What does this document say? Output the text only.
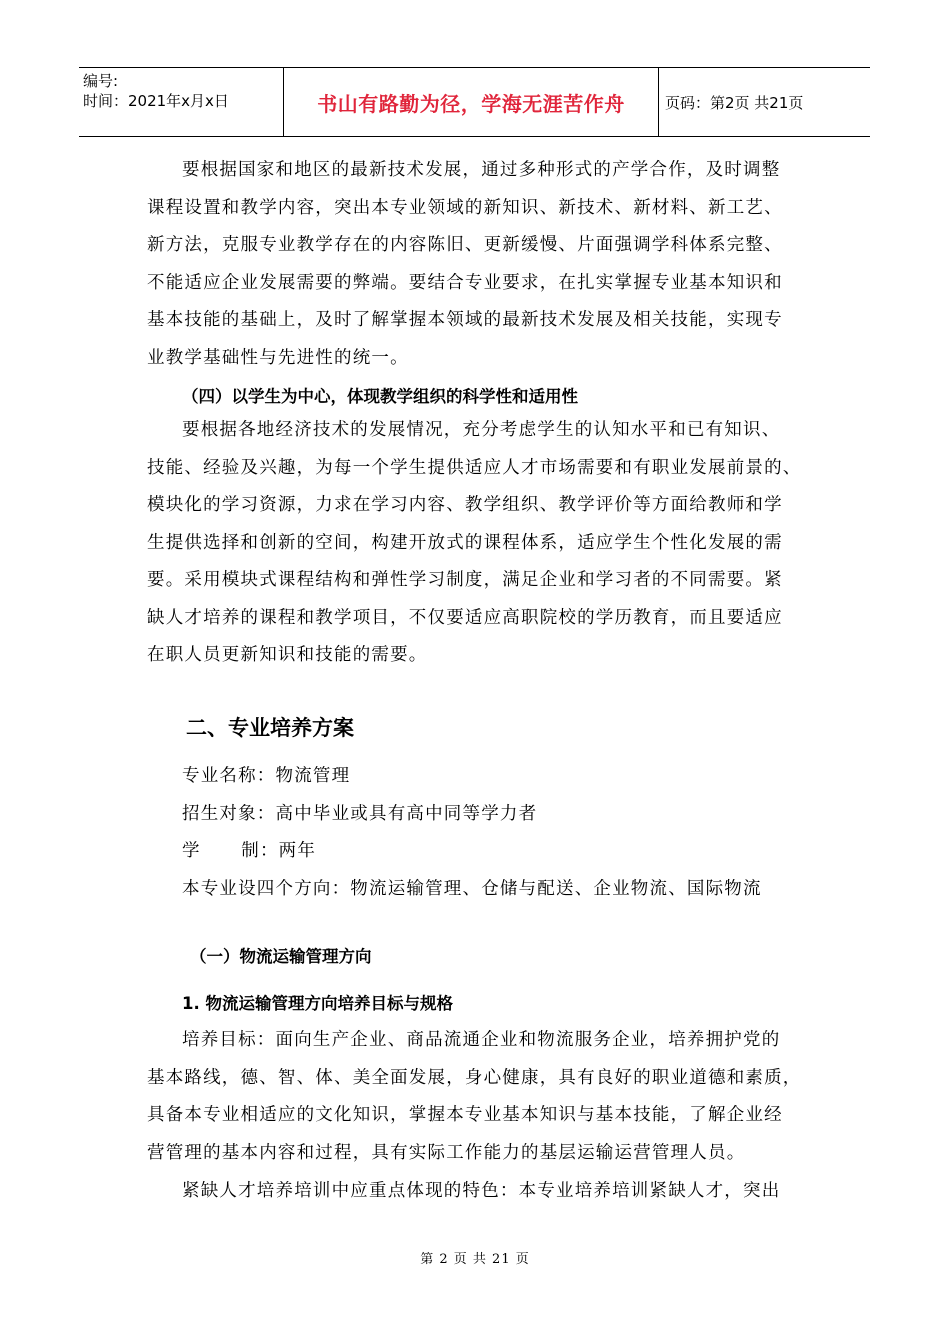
编号:
时间：2021年x月x日	书山有路勤为径，学海无涯苦作舟	页码：第2页 共21页

要根据国家和地区的最新技术发展，通过多种形式的产学合作，及时调整

课程设置和教学内容，突出本专业领域的新知识、新技术、新材料、新工艺、

新方法，克服专业教学存在的内容陈旧、更新缓慢、片面强调学科体系完整、

不能适应企业发展需要的弊端。要结合专业要求，在扎实掌握专业基本知识和

基本技能的基础上，及时了解掌握本领域的最新技术发展及相关技能，实现专

业教学基础性与先进性的统一。

（四）以学生为中心，体现教学组织的科学性和适用性

要根据各地经济技术的发展情况，充分考虑学生的认知水平和已有知识、

技能、经验及兴趣，为每一个学生提供适应人才市场需要和有职业发展前景的、

模块化的学习资源，力求在学习内容、教学组织、教学评价等方面给教师和学

生提供选择和创新的空间，构建开放式的课程体系，适应学生个性化发展的需

要。采用模块式课程结构和弹性学习制度，满足企业和学习者的不同需要。紧

缺人才培养的课程和教学项目，不仅要适应高职院校的学历教育，而且要适应

在职人员更新知识和技能的需要。

二、专业培养方案

专业名称：物流管理

招生对象：高中毕业或具有高中同等学力者

学      制：两年

本专业设四个方向：物流运输管理、仓储与配送、企业物流、国际物流

（一）物流运输管理方向
1. 物流运输管理方向培养目标与规格

培养目标：面向生产企业、商品流通企业和物流服务企业，培养拥护党的

基本路线，德、智、体、美全面发展，身心健康，具有良好的职业道德和素质，

具备本专业相适应的文化知识，掌握本专业基本知识与基本技能，了解企业经

营管理的基本内容和过程，具有实际工作能力的基层运输运营管理人员。

紧缺人才培养培训中应重点体现的特色：本专业培养培训紧缺人才，突出

第 2 页 共 21 页
